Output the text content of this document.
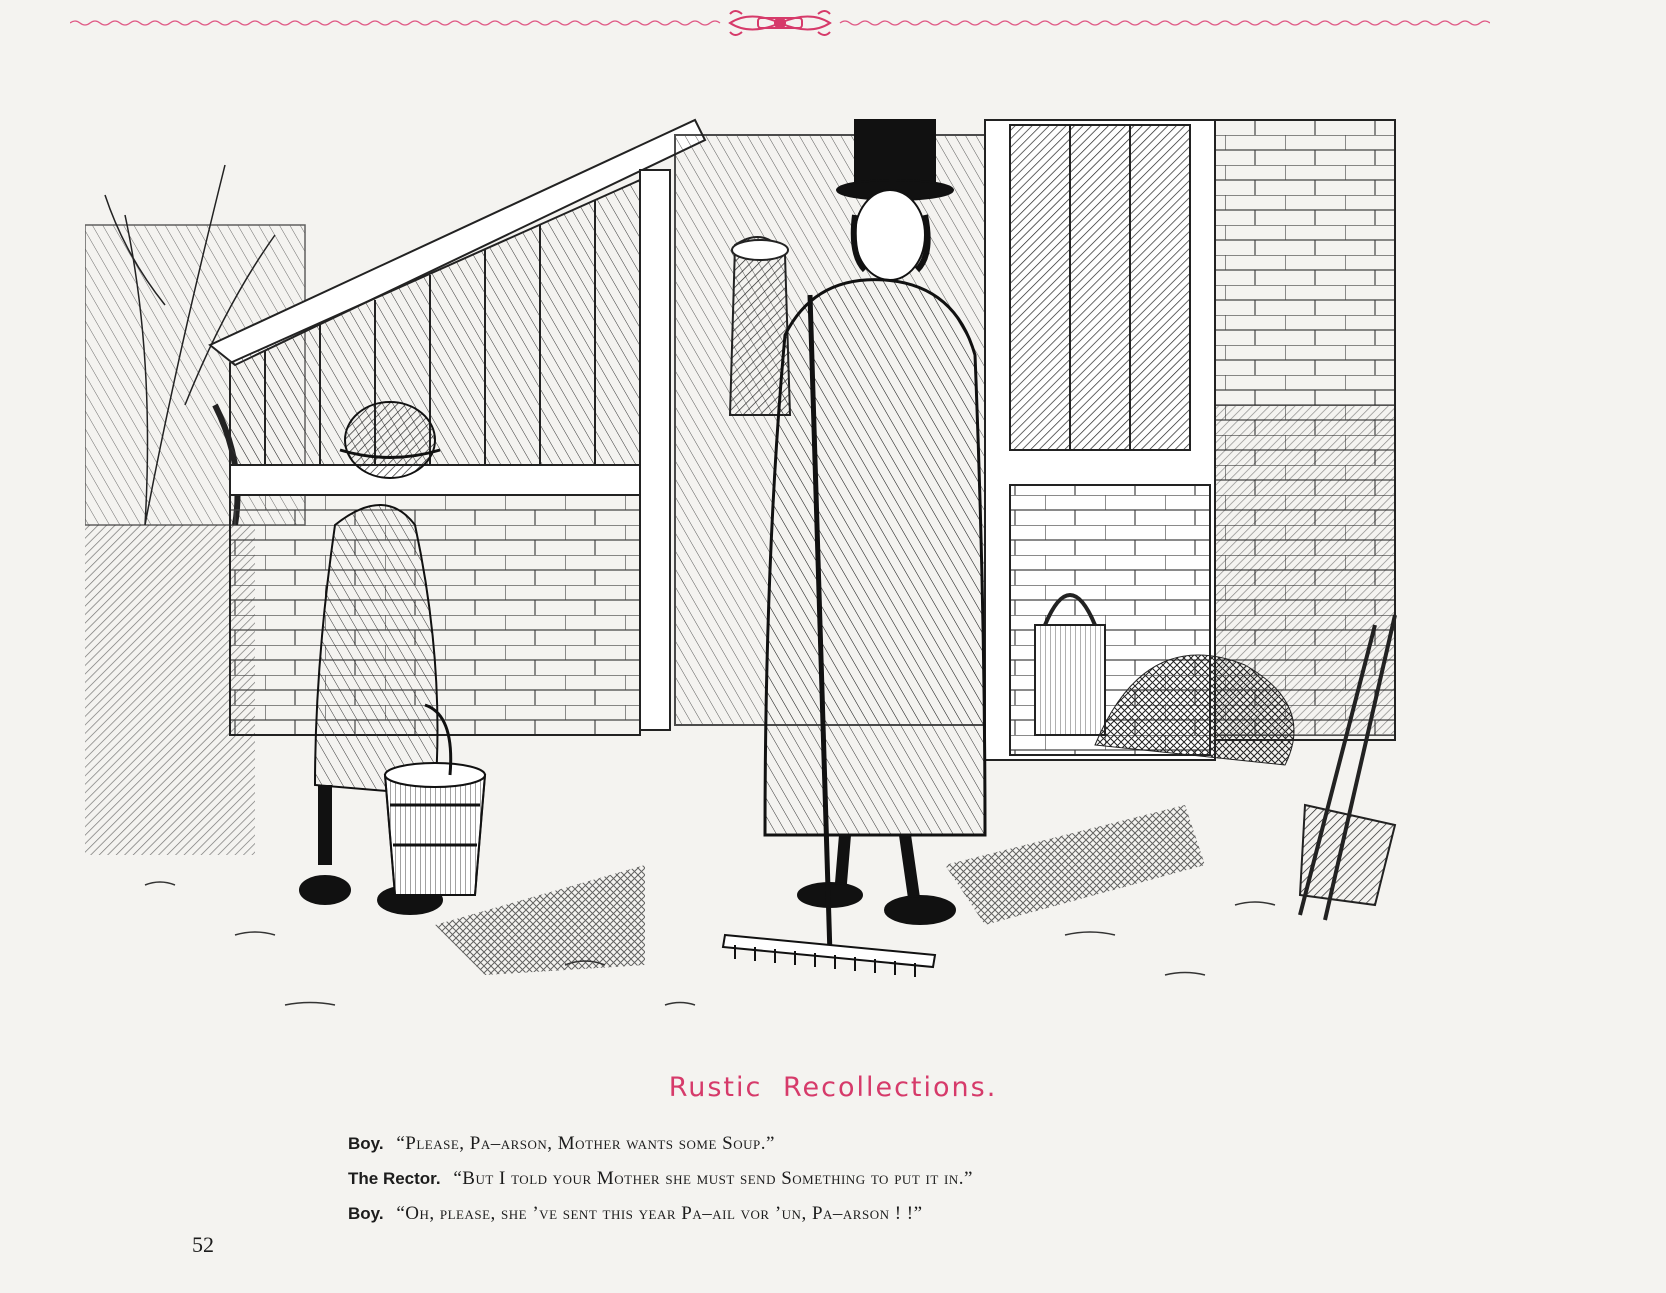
Rustic Recollections.
Boy. “Please, Pa–arson, Mother wants some Soup.”
The Rector. “But I told your Mother she must send Something to put it in.”
Boy. “Oh, please, she ’ve sent this year Pa–ail vor ’un, Pa–arson ! !”
52
